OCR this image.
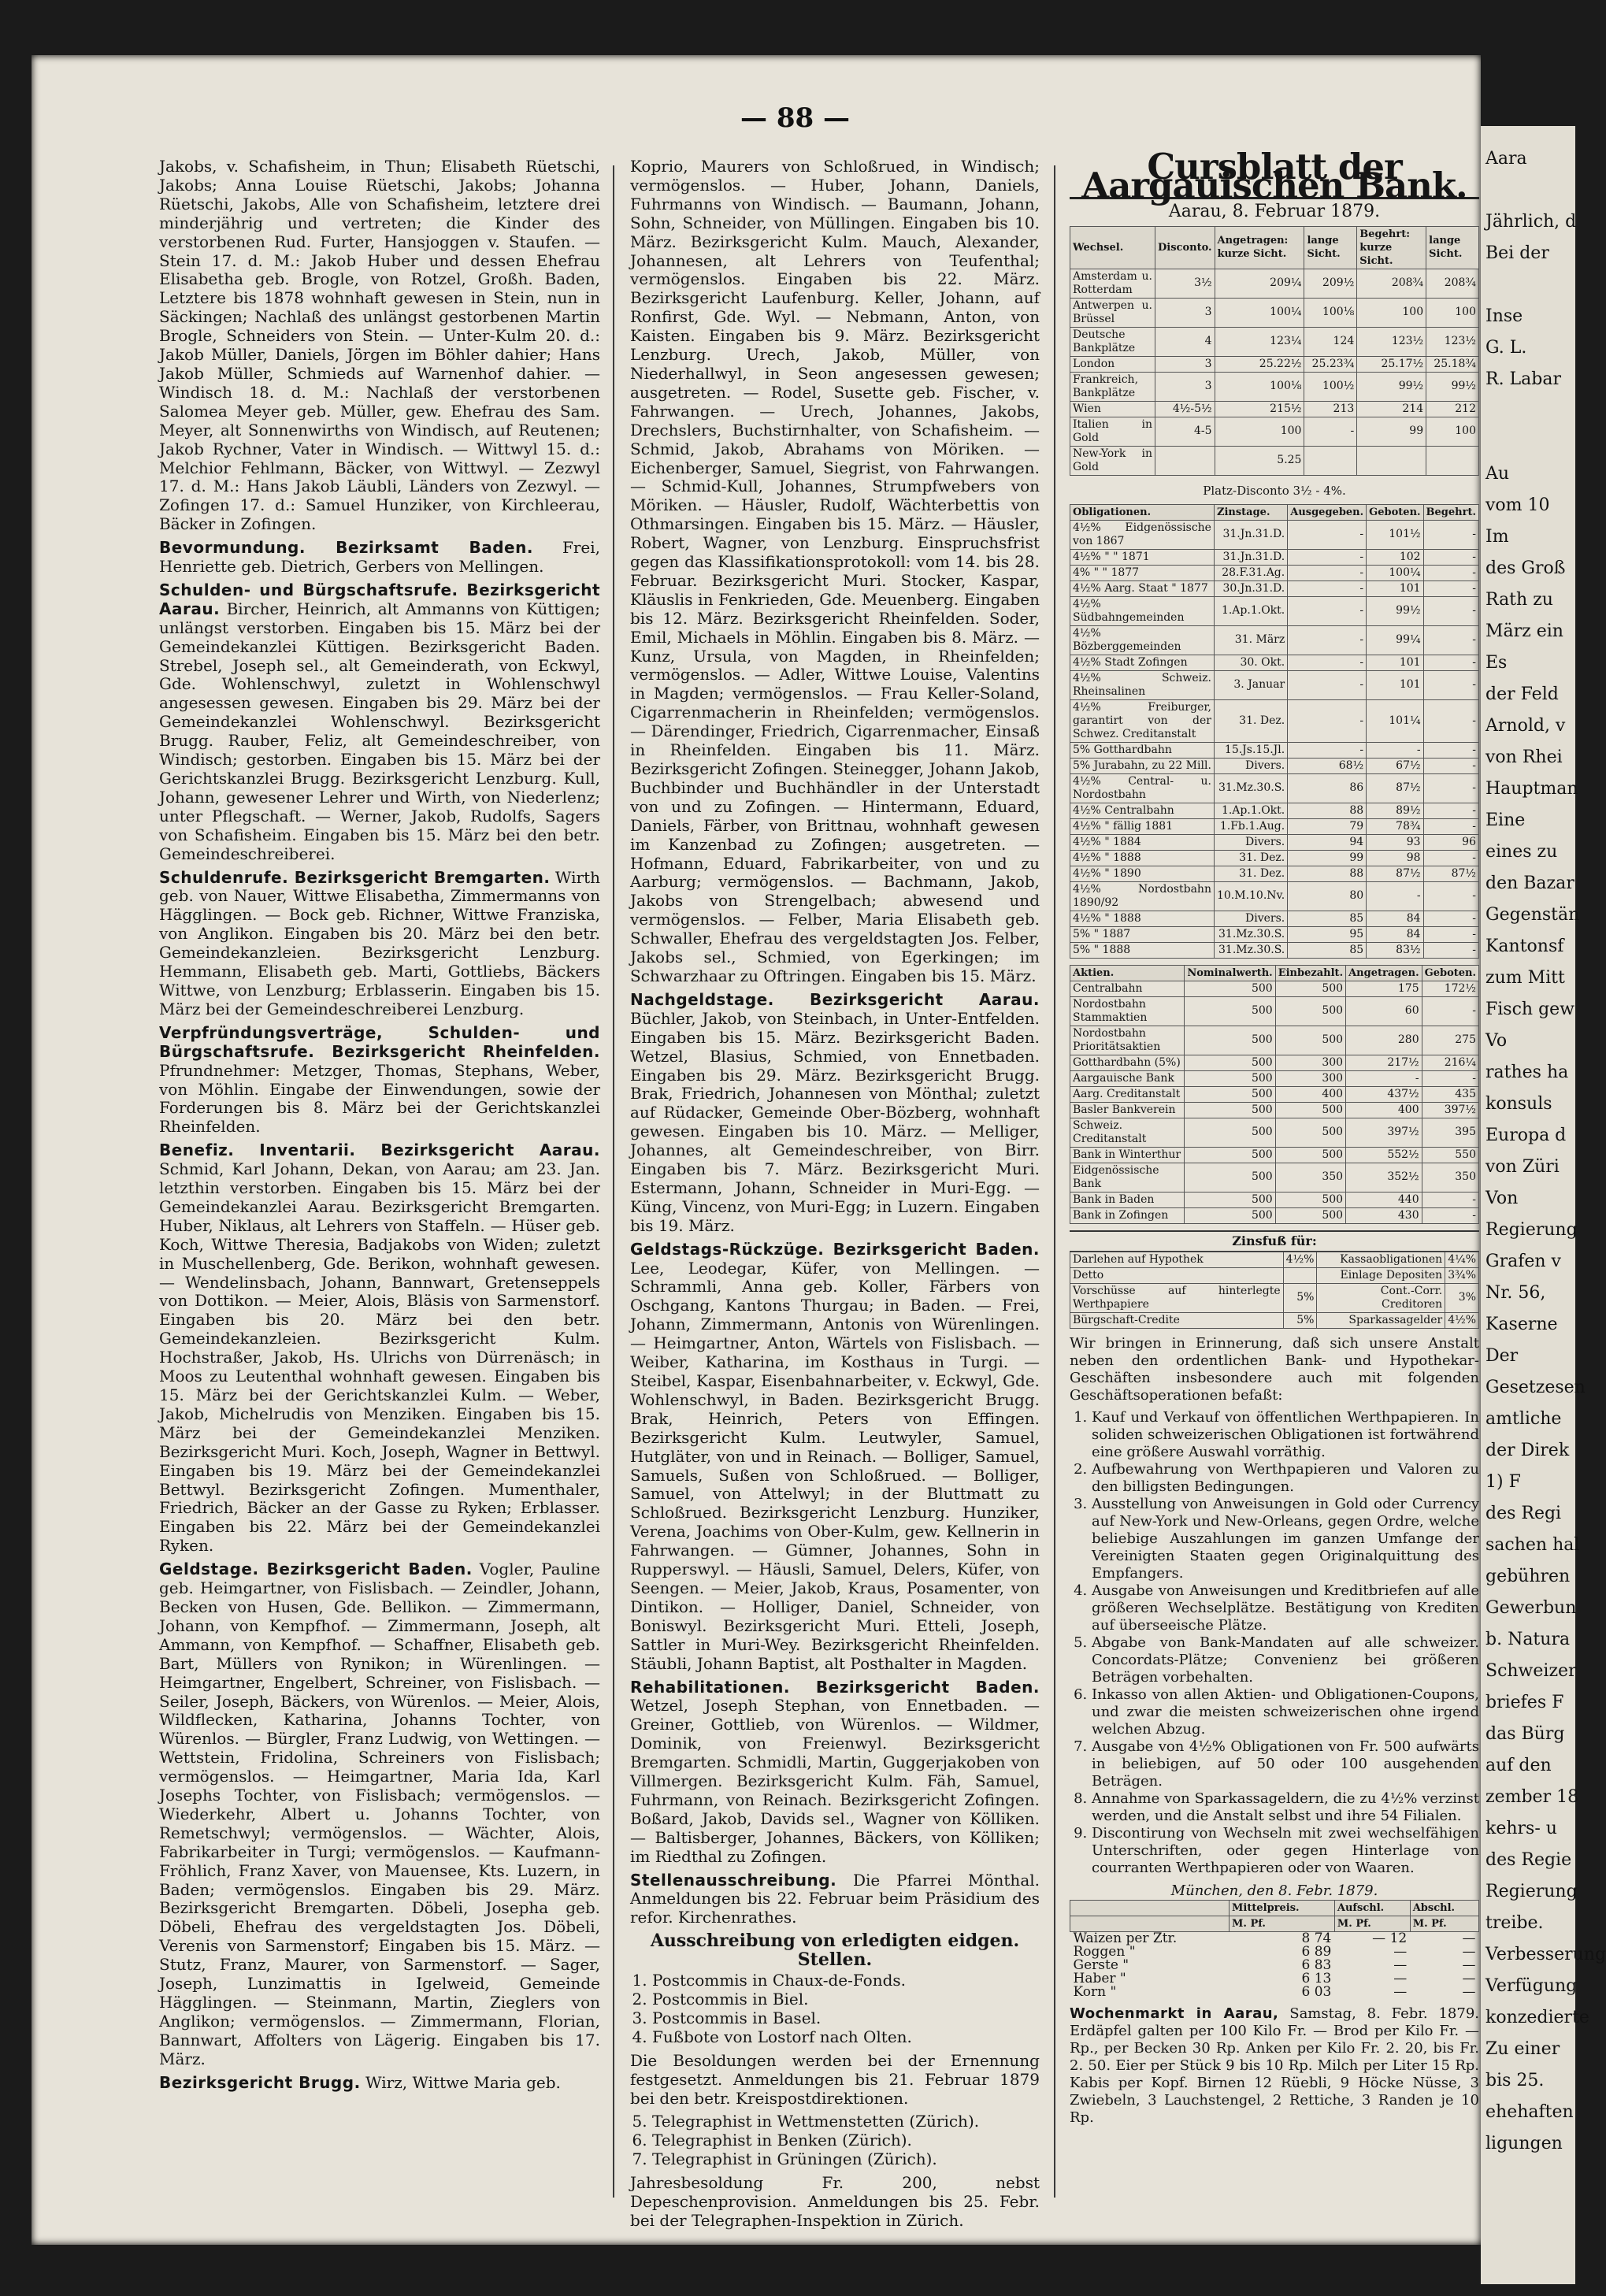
— 88 —

Jakobs, v. Schafisheim, in Thun; Elisabeth Rüetschi, Jakobs; Anna Louise Rüetschi, Jakobs; Johanna Rüetschi, Jakobs, Alle von Schafisheim, letztere drei minderjährig und vertreten; die Kinder des verstorbenen Rud. Furter, Hansjoggen v. Staufen. — Stein 17. d. M.: Jakob Huber und dessen Ehefrau Elisabetha geb. Brogle, von Rotzel, Großh. Baden, Letztere bis 1878 wohnhaft gewesen in Stein, nun in Säckingen; Nachlaß des unlängst gestorbenen Martin Brogle, Schneiders von Stein. — Unter-Kulm 20. d.: Jakob Müller, Daniels, Jörgen im Böhler dahier; Hans Jakob Müller, Schmieds auf Warnenhof dahier. — Windisch 18. d. M.: Nachlaß der verstorbenen Salomea Meyer geb. Müller, gew. Ehefrau des Sam. Meyer, alt Sonnenwirths von Windisch, auf Reutenen; Jakob Rychner, Vater in Windisch. — Wittwyl 15. d.: Melchior Fehlmann, Bäcker, von Wittwyl. — Zezwyl 17. d. M.: Hans Jakob Läubli, Länders von Zezwyl. — Zofingen 17. d.: Samuel Hunziker, von Kirchleerau, Bäcker in Zofingen.

Bevormundung. Bezirksamt Baden. Frei, Henriette geb. Dietrich, Gerbers von Mellingen.

Schulden- und Bürgschaftsrufe. Bezirksgericht Aarau. Bircher, Heinrich, alt Ammanns von Küttigen; unlängst verstorben. Eingaben bis 15. März bei der Gemeindekanzlei Küttigen. Bezirksgericht Baden. Strebel, Joseph sel., alt Gemeinderath, von Eckwyl, Gde. Wohlenschwyl, zuletzt in Wohlenschwyl angesessen gewesen. Eingaben bis 29. März bei der Gemeindekanzlei Wohlenschwyl. Bezirksgericht Brugg. Rauber, Feliz, alt Gemeindeschreiber, von Windisch; gestorben. Eingaben bis 15. März bei der Gerichtskanzlei Brugg. Bezirksgericht Lenzburg. Kull, Johann, gewesener Lehrer und Wirth, von Niederlenz; unter Pflegschaft. — Werner, Jakob, Rudolfs, Sagers von Schafisheim. Eingaben bis 15. März bei den betr. Gemeindeschreiberei.

Schuldenrufe. Bezirksgericht Bremgarten. Wirth geb. von Nauer, Wittwe Elisabetha, Zimmermanns von Hägglingen. — Bock geb. Richner, Wittwe Franziska, von Anglikon. Eingaben bis 20. März bei den betr. Gemeindekanzleien. Bezirksgericht Lenzburg. Hemmann, Elisabeth geb. Marti, Gottliebs, Bäckers Wittwe, von Lenzburg; Erblasserin. Eingaben bis 15. März bei der Gemeindeschreiberei Lenzburg.

Verpfründungsverträge, Schulden- und Bürgschaftsrufe. Bezirksgericht Rheinfelden. Pfrundnehmer: Metzger, Thomas, Stephans, Weber, von Möhlin. Eingabe der Einwendungen, sowie der Forderungen bis 8. März bei der Gerichtskanzlei Rheinfelden.

Benefiz. Inventarii. Bezirksgericht Aarau. Schmid, Karl Johann, Dekan, von Aarau; am 23. Jan. letzthin verstorben. Eingaben bis 15. März bei der Gemeindekanzlei Aarau. Bezirksgericht Bremgarten. Huber, Niklaus, alt Lehrers von Staffeln. — Hüser geb. Koch, Wittwe Theresia, Badjakobs von Widen; zuletzt in Muschellenberg, Gde. Berikon, wohnhaft gewesen. — Wendelinsbach, Johann, Bannwart, Gretenseppels von Dottikon. — Meier, Alois, Bläsis von Sarmenstorf. Eingaben bis 20. März bei den betr. Gemeindekanzleien. Bezirksgericht Kulm. Hochstraßer, Jakob, Hs. Ulrichs von Dürrenäsch; in Moos zu Leutenthal wohnhaft gewesen. Eingaben bis 15. März bei der Gerichtskanzlei Kulm. — Weber, Jakob, Michelrudis von Menziken. Eingaben bis 15. März bei der Gemeindekanzlei Menziken. Bezirksgericht Muri. Koch, Joseph, Wagner in Bettwyl. Eingaben bis 19. März bei der Gemeindekanzlei Bettwyl. Bezirksgericht Zofingen. Mumenthaler, Friedrich, Bäcker an der Gasse zu Ryken; Erblasser. Eingaben bis 22. März bei der Gemeindekanzlei Ryken.

Geldstage. Bezirksgericht Baden. Vogler, Pauline geb. Heimgartner, von Fislisbach. — Zeindler, Johann, Becken von Husen, Gde. Bellikon. — Zimmermann, Johann, von Kempfhof. — Zimmermann, Joseph, alt Ammann, von Kempfhof. — Schaffner, Elisabeth geb. Bart, Müllers von Rynikon; in Würenlingen. — Heimgartner, Engelbert, Schreiner, von Fislisbach. — Seiler, Joseph, Bäckers, von Würenlos. — Meier, Alois, Wildflecken, Katharina, Johanns Tochter, von Würenlos. — Bürgler, Franz Ludwig, von Wettingen. — Wettstein, Fridolina, Schreiners von Fislisbach; vermögenslos. — Heimgartner, Maria Ida, Karl Josephs Tochter, von Fislisbach; vermögenslos. — Wiederkehr, Albert u. Johanns Tochter, von Remetschwyl; vermögenslos. — Wächter, Alois, Fabrikarbeiter in Turgi; vermögenslos. — Kaufmann-Fröhlich, Franz Xaver, von Mauensee, Kts. Luzern, in Baden; vermögenslos. Eingaben bis 29. März. Bezirksgericht Bremgarten. Döbeli, Josepha geb. Döbeli, Ehefrau des vergeldstagten Jos. Döbeli, Verenis von Sarmenstorf; Eingaben bis 15. März. — Stutz, Franz, Maurer, von Sarmenstorf. — Sager, Joseph, Lunzimattis in Igelweid, Gemeinde Hägglingen. — Steinmann, Martin, Zieglers von Anglikon; vermögenslos. — Zimmermann, Florian, Bannwart, Affolters von Lägerig. Eingaben bis 17. März.

Bezirksgericht Brugg. Wirz, Wittwe Maria geb.

Koprio, Maurers von Schloßrued, in Windisch; vermögenslos. — Huber, Johann, Daniels, Fuhrmanns von Windisch. — Baumann, Johann, Sohn, Schneider, von Müllingen. Eingaben bis 10. März. Bezirksgericht Kulm. Mauch, Alexander, Johannesen, alt Lehrers von Teufenthal; vermögenslos. Eingaben bis 22. März. Bezirksgericht Laufenburg. Keller, Johann, auf Ronfirst, Gde. Wyl. — Nebmann, Anton, von Kaisten. Eingaben bis 9. März. Bezirksgericht Lenzburg. Urech, Jakob, Müller, von Niederhallwyl, in Seon angesessen gewesen; ausgetreten. — Rodel, Susette geb. Fischer, v. Fahrwangen. — Urech, Johannes, Jakobs, Drechslers, Buchstirnhalter, von Schafisheim. — Schmid, Jakob, Abrahams von Möriken. — Eichenberger, Samuel, Siegrist, von Fahrwangen. — Schmid-Kull, Johannes, Strumpfwebers von Möriken. — Häusler, Rudolf, Wächterbettis von Othmarsingen. Eingaben bis 15. März. — Häusler, Robert, Wagner, von Lenzburg. Einspruchsfrist gegen das Klassifikationsprotokoll: vom 14. bis 28. Februar. Bezirksgericht Muri. Stocker, Kaspar, Kläuslis in Fenkrieden, Gde. Meuenberg. Eingaben bis 12. März. Bezirksgericht Rheinfelden. Soder, Emil, Michaels in Möhlin. Eingaben bis 8. März. — Kunz, Ursula, von Magden, in Rheinfelden; vermögenslos. — Adler, Wittwe Louise, Valentins in Magden; vermögenslos. — Frau Keller-Soland, Cigarrenmacherin in Rheinfelden; vermögenslos. — Därendinger, Friedrich, Cigarrenmacher, Einsaß in Rheinfelden. Eingaben bis 11. März. Bezirksgericht Zofingen. Steinegger, Johann Jakob, Buchbinder und Buchhändler in der Unterstadt von und zu Zofingen. — Hintermann, Eduard, Daniels, Färber, von Brittnau, wohnhaft gewesen im Kanzenbad zu Zofingen; ausgetreten. — Hofmann, Eduard, Fabrikarbeiter, von und zu Aarburg; vermögenslos. — Bachmann, Jakob, Jakobs von Strengelbach; abwesend und vermögenslos. — Felber, Maria Elisabeth geb. Schwaller, Ehefrau des vergeldstagten Jos. Felber, Jakobs sel., Schmied, von Egerkingen; im Schwarzhaar zu Oftringen. Eingaben bis 15. März.

Nachgeldstage. Bezirksgericht Aarau. Büchler, Jakob, von Steinbach, in Unter-Entfelden. Eingaben bis 15. März. Bezirksgericht Baden. Wetzel, Blasius, Schmied, von Ennetbaden. Eingaben bis 29. März. Bezirksgericht Brugg. Brak, Friedrich, Johannesen von Mönthal; zuletzt auf Rüdacker, Gemeinde Ober-Bözberg, wohnhaft gewesen. Eingaben bis 10. März. — Melliger, Johannes, alt Gemeindeschreiber, von Birr. Eingaben bis 7. März. Bezirksgericht Muri. Estermann, Johann, Schneider in Muri-Egg. — Küng, Vincenz, von Muri-Egg; in Luzern. Eingaben bis 19. März.

Geldstags-Rückzüge. Bezirksgericht Baden. Lee, Leodegar, Küfer, von Mellingen. — Schrammli, Anna geb. Koller, Färbers von Oschgang, Kantons Thurgau; in Baden. — Frei, Johann, Zimmermann, Antonis von Würenlingen. — Heimgartner, Anton, Wärtels von Fislisbach. — Weiber, Katharina, im Kosthaus in Turgi. — Steibel, Kaspar, Eisenbahnarbeiter, v. Eckwyl, Gde. Wohlenschwyl, in Baden. Bezirksgericht Brugg. Brak, Heinrich, Peters von Effingen. Bezirksgericht Kulm. Leutwyler, Samuel, Hutgläter, von und in Reinach. — Bolliger, Samuel, Samuels, Sußen von Schloßrued. — Bolliger, Samuel, von Attelwyl; in der Bluttmatt zu Schloßrued. Bezirksgericht Lenzburg. Hunziker, Verena, Joachims von Ober-Kulm, gew. Kellnerin in Fahrwangen. — Gümner, Johannes, Sohn in Rupperswyl. — Häusli, Samuel, Delers, Küfer, von Seengen. — Meier, Jakob, Kraus, Posamenter, von Dintikon. — Holliger, Daniel, Schneider, von Boniswyl. Bezirksgericht Muri. Etteli, Joseph, Sattler in Muri-Wey. Bezirksgericht Rheinfelden. Stäubli, Johann Baptist, alt Posthalter in Magden.

Rehabilitationen. Bezirksgericht Baden. Wetzel, Joseph Stephan, von Ennetbaden. — Greiner, Gottlieb, von Würenlos. — Wildmer, Dominik, von Freienwyl. Bezirksgericht Bremgarten. Schmidli, Martin, Guggerjakoben von Villmergen. Bezirksgericht Kulm. Fäh, Samuel, Fuhrmann, von Reinach. Bezirksgericht Zofingen. Boßard, Jakob, Davids sel., Wagner von Kölliken. — Baltisberger, Johannes, Bäckers, von Kölliken; im Riedthal zu Zofingen.

Stellenausschreibung. Die Pfarrei Mönthal. Anmeldungen bis 22. Februar beim Präsidium des refor. Kirchenrathes.

Ausschreibung von erledigten eidgen. Stellen.
1. Postcommis in Chaux-de-Fonds.
2. Postcommis in Biel.
3. Postcommis in Basel.
4. Fußbote von Lostorf nach Olten.

Die Besoldungen werden bei der Ernennung festgesetzt. Anmeldungen bis 21. Februar 1879 bei den betr. Kreispostdirektionen.

5. Telegraphist in Wettmenstetten (Zürich).
6. Telegraphist in Benken (Zürich).
7. Telegraphist in Grüningen (Zürich).

Jahresbesoldung Fr. 200, nebst Depeschenprovision. Anmeldungen bis 25. Febr. bei der Telegraphen-Inspektion in Zürich.

Cursblatt der Aargauischen Bank.
Aarau, 8. Februar 1879.
Wechsel.	Disconto.	Angetragen: kurze Sicht.	lange Sicht.	Begehrt: kurze Sicht.	lange Sicht.
Amsterdam u. Rotterdam	3½	209¼	209½	208¾	208¾
Antwerpen u. Brüssel	3	100¼	100⅛	100	100
Deutsche Bankplätze	4	123¼	124	123½	123½
London	3	25.22½	25.23¾	25.17½	25.18¾
Frankreich, Bankplätze	3	100⅛	100½	99½	99½
Wien	4½-5½	215½	213	214	212
Italien in Gold	4-5	100	-	99	100
New-York in Gold		5.25			
Platz-Disconto 3½ - 4%.
Obligationen.	Zinstage.	Ausgegeben.	Geboten.	Begehrt.
4½% Eidgenössische von 1867	31.Jn.31.D.	-	101½	-
4½% " " 1871	31.Jn.31.D.	-	102	-
4% " " 1877	28.F.31.Ag.	-	100¼	-
4½% Aarg. Staat " 1877	30.Jn.31.D.	-	101	-
4½% Südbahngemeinden	1.Ap.1.Okt.	-	99½	-
4½% Bözberggemeinden	31. März	-	99¼	-
4½% Stadt Zofingen	30. Okt.	-	101	-
4½% Schweiz. Rheinsalinen	3. Januar	-	101	-
4½% Freiburger, garantirt von der Schwez. Creditanstalt	31. Dez.	-	101¼	-
5% Gotthardbahn	15.Js.15.Jl.	-	-	-
5% Jurabahn, zu 22 Mill.	Divers.	68½	67½	-
4½% Central- u. Nordostbahn	31.Mz.30.S.	86	87½	-
4½% Centralbahn	1.Ap.1.Okt.	88	89½	-
4½% " fällig 1881	1.Fb.1.Aug.	79	78¾	-
4½% " 1884	Divers.	94	93	96
4½% " 1888	31. Dez.	99	98	-
4½% " 1890	31. Dez.	88	87½	87½
4½% Nordostbahn 1890/92	10.M.10.Nv.	80	-	-
4½% " 1888	Divers.	85	84	-
5% " 1887	31.Mz.30.S.	95	84	-
5% " 1888	31.Mz.30.S.	85	83½	-
Aktien.	Nominalwerth.	Einbezahlt.	Angetragen.	Geboten.
Centralbahn	500	500	175	172½
Nordostbahn Stammaktien	500	500	60	-
Nordostbahn Prioritätsaktien	500	500	280	275
Gotthardbahn (5%)	500	300	217½	216¼
Aargauische Bank	500	300	-	-
Aarg. Creditanstalt	500	400	437½	435
Basler Bankverein	500	500	400	397½
Schweiz. Creditanstalt	500	500	397½	395
Bank in Winterthur	500	500	552½	550
Eidgenössische Bank	500	350	352½	350
Bank in Baden	500	500	440	-
Bank in Zofingen	500	500	430	-
Zinsfuß für:
Darlehen auf Hypothek	4½%	Kassaobligationen	4¼%
Detto		Einlage Depositen	3¾%
Vorschüsse auf hinterlegte Werthpapiere	5%	Cont.-Corr. Creditoren	3%
Bürgschaft-Credite	5%	Sparkassagelder	4½%

Wir bringen in Erinnerung, daß sich unsere Anstalt neben den ordentlichen Bank- und Hypothekar-Geschäften insbesondere auch mit folgenden Geschäftsoperationen befaßt:

1. Kauf und Verkauf von öffentlichen Werthpapieren. In soliden schweizerischen Obligationen ist fortwährend eine größere Auswahl vorräthig.
2. Aufbewahrung von Werthpapieren und Valoren zu den billigsten Bedingungen.
3. Ausstellung von Anweisungen in Gold oder Currency auf New-York und New-Orleans, gegen Ordre, welche beliebige Auszahlungen im ganzen Umfange der Vereinigten Staaten gegen Originalquittung des Empfangers.
4. Ausgabe von Anweisungen und Kreditbriefen auf alle größeren Wechselplätze. Bestätigung von Krediten auf überseeische Plätze.
5. Abgabe von Bank-Mandaten auf alle schweizer. Concordats-Plätze; Convenienz bei größeren Beträgen vorbehalten.
6. Inkasso von allen Aktien- und Obligationen-Coupons, und zwar die meisten schweizerischen ohne irgend welchen Abzug.
7. Ausgabe von 4½% Obligationen von Fr. 500 aufwärts in beliebigen, auf 50 oder 100 ausgehenden Beträgen.
8. Annahme von Sparkassageldern, die zu 4½% verzinst werden, und die Anstalt selbst und ihre 54 Filialen.
9. Discontirung von Wechseln mit zwei wechselfähigen Unterschriften, oder gegen Hinterlage von courranten Werthpapieren oder von Waaren.
München, den 8. Febr. 1879.
	Mittelpreis.	Aufschl.	Abschl.
	M. Pf.	M. Pf.	M. Pf.
Waizen per Ztr.	8 74	— 12	—
Roggen "	6 89	—	—
Gerste "	6 83	—	—
Haber "	6 13	—	—
Korn "	6 03	—	—

Wochenmarkt in Aarau, Samstag, 8. Febr. 1879. Erdäpfel galten per 100 Kilo Fr. — Brod per Kilo Fr. — Rp., per Becken 30 Rp. Anken per Kilo Fr. 2. 20, bis Fr. 2. 50. Eier per Stück 9 bis 10 Rp. Milch per Liter 15 Rp. Kabis per Kopf. Birnen 12 Rüebli, 9 Höcke Nüsse, 3 Zwiebeln, 3 Lauchstengel, 2 Rettiche, 3 Randen je 10 Rp.

Aara
Jährlich, d
Bei der
Inse
G. L.
R. Labar
Au
vom 10
Im
des Groß
Rath zu
März ein
Es
der Feld
Arnold, v
von Rhei
Hauptman
Eine
eines zu
den Bazar
Gegenstän
Kantonsf
zum Mitt
Fisch gew
Vo
rathes ha
konsuls
Europa d
von Züri
Von
Regierung
Grafen v
Nr. 56,
Kaserne
Der
Gesetzesen
amtliche
der Direk
1) F
des Regi
sachen hal
gebühren
Gewerbun
b. Natura
Schweizer
briefes F
das Bürg
auf den
zember 18
kehrs- u
des Regie
Regierung
treibe.
Verbesserung
Verfügung
konzedierte
Zu einer
bis 25.
ehehaften
ligungen
